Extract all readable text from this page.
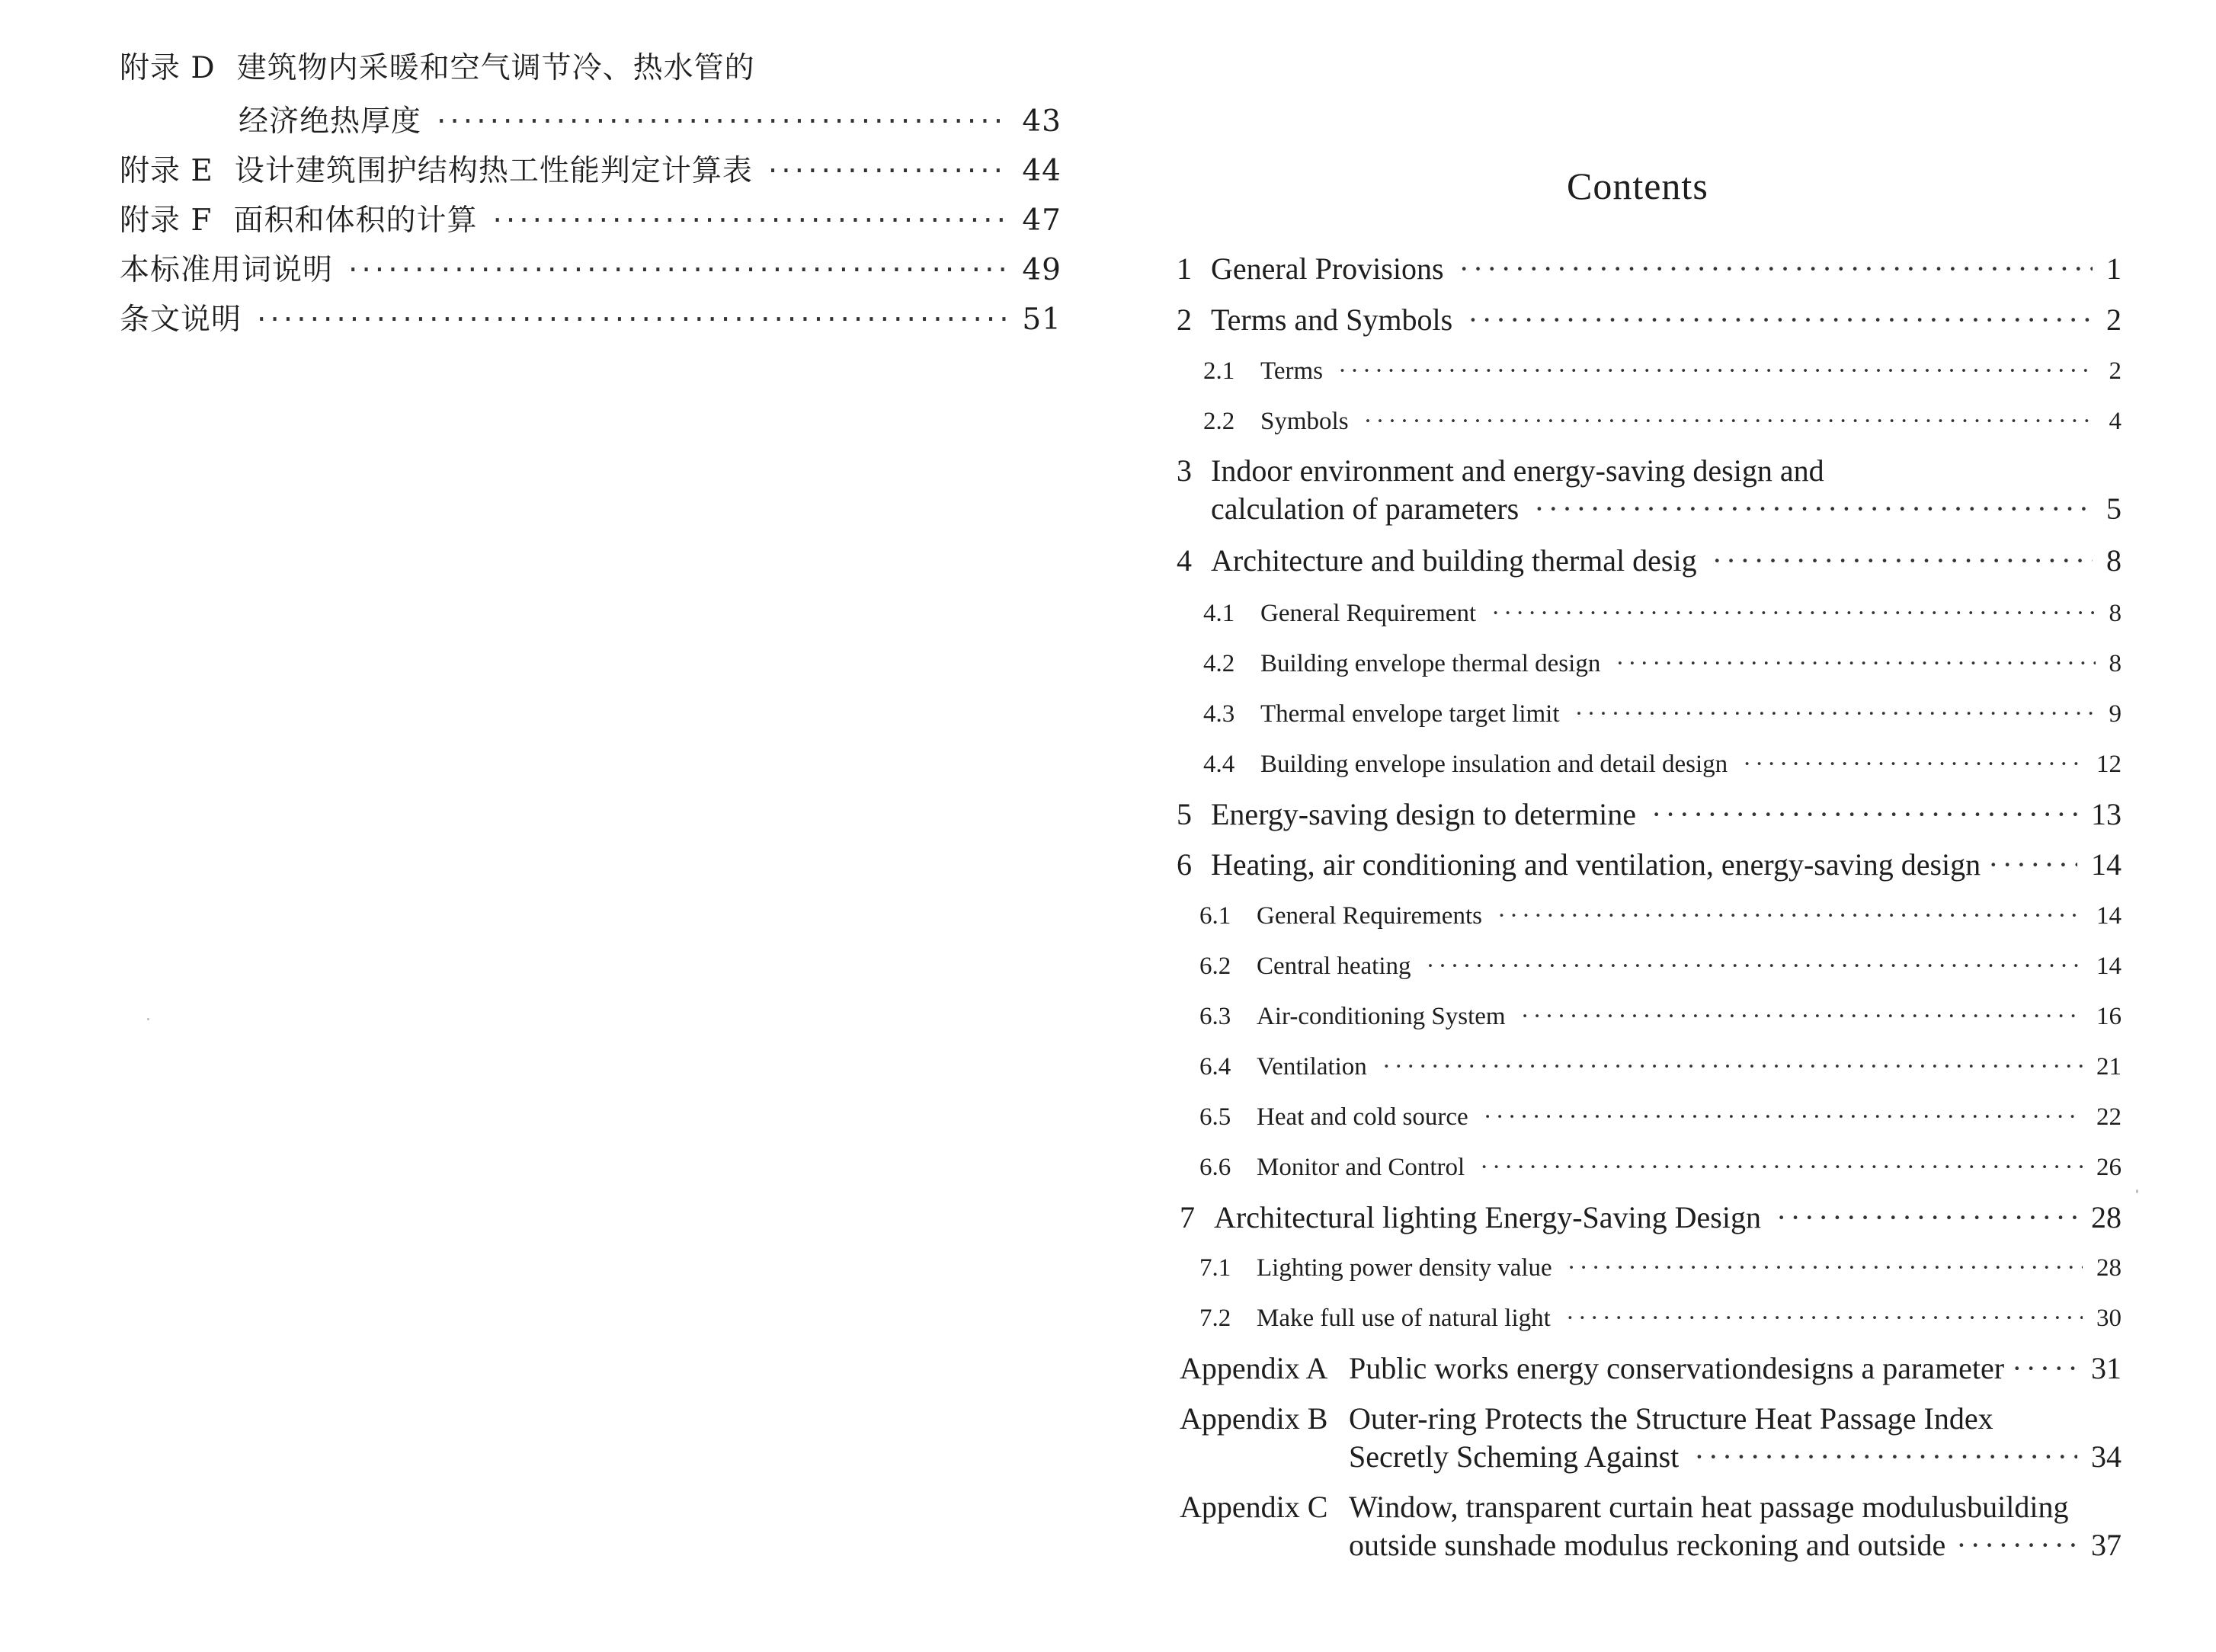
附录 D 建筑物内采暖和空气调节冷、热水管的
经济绝热厚度 ·····	43
附录 E 设计建筑围护结构热工性能判定计算表 ·····	44
附录 F 面积和体积的计算 ·····	47
本标准用词说明 ·····	49
条文说明 ·····	51
Contents
1 General Provisions ·····	1
2 Terms and Symbols ·····	2
2.1	Terms ·····	2
2.2	Symbols ·····	4
3 Indoor environment and energy-saving design and
calculation of parameters ·····	5
4 Architecture and building thermal desig ·····	8
4.1	General Requirement ·····	8
4.2	Building envelope thermal design ·····	8
4.3	Thermal envelope target limit ·····	9
4.4	Building envelope insulation and detail design ·····	12
5 Energy-saving design to determine ·····	13
6 Heating, air conditioning and ventilation, energy-saving design ·····	14
6.1	General Requirements ·····	14
6.2	Central heating ·····	14
6.3	Air-conditioning System ·····	16
6.4	Ventilation ·····	21
6.5	Heat and cold source ·····	22
6.6	Monitor and Control ·····	26
7 Architectural lighting Energy-Saving Design ·····	28
7.1	Lighting power density value ·····	28
7.2	Make full use of natural light ·····	30
Appendix A Public works energy conservationdesigns a parameter ·····	31
Appendix B Outer-ring Protects the Structure Heat Passage Index
Secretly Scheming Against ·····	34
Appendix C Window, transparent curtain heat passage modulusbuilding
outside sunshade modulus reckoning and outside ·····	37
